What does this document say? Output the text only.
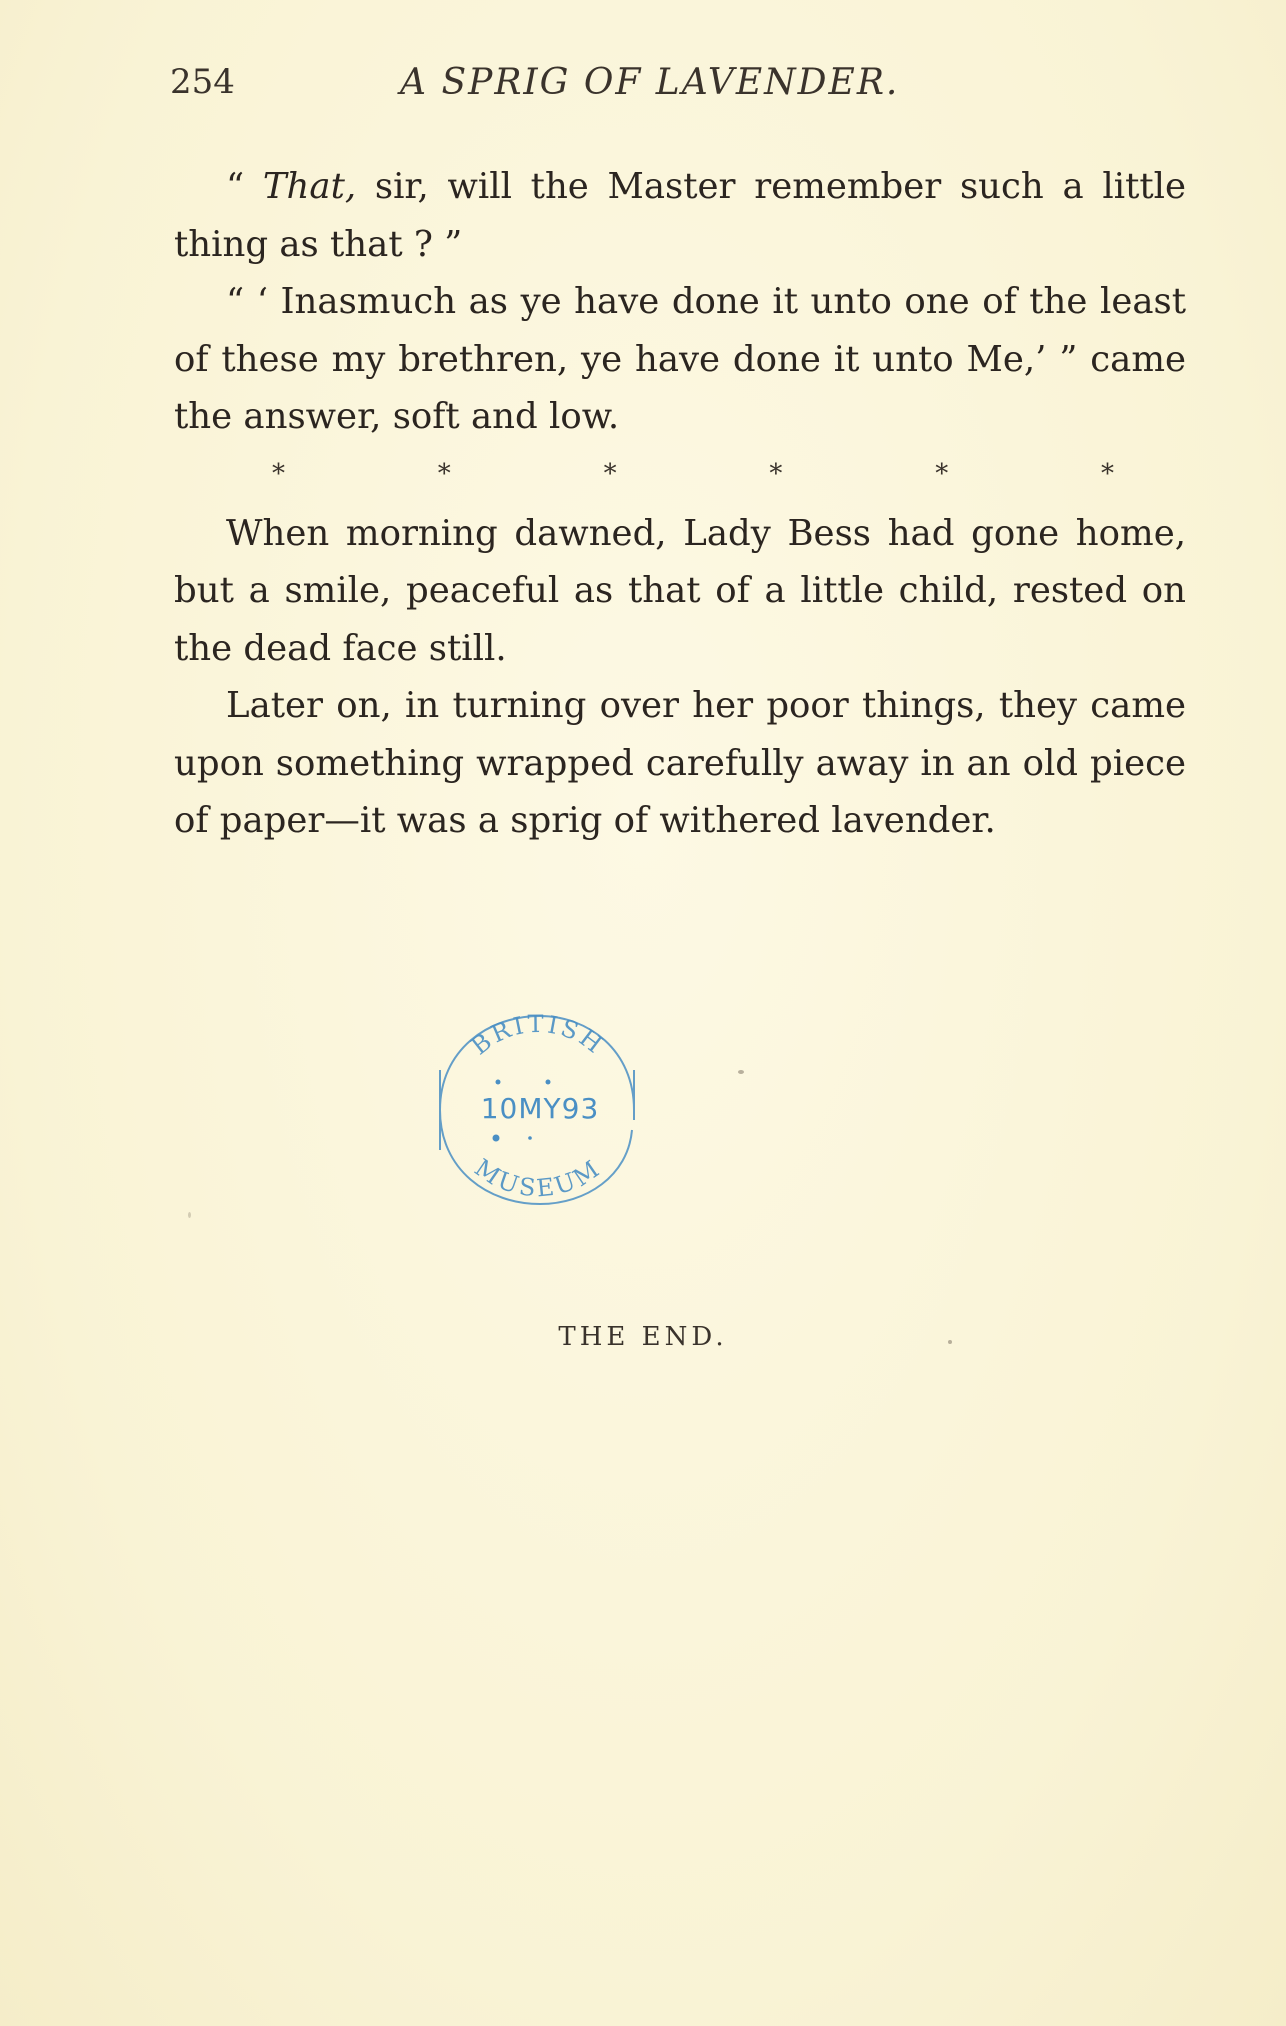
254	A SPRIG OF LAVENDER.

“ That, sir, will the Master remember such a little thing as that ? ”

“ ‘ Inasmuch as ye have done it unto one of the least of these my brethren, ye have done it unto Me,’ ” came the answer, soft and low.

*	*	*	*	*	*

When morning dawned, Lady Bess had gone home, but a smile, peaceful as that of a little child, rested on the dead face still.

Later on, in turning over her poor things, they came upon something wrapped carefully away in an old piece of paper—it was a sprig of withered lavender.

BRITISH
MUSEUM
10MY93
THE END.
